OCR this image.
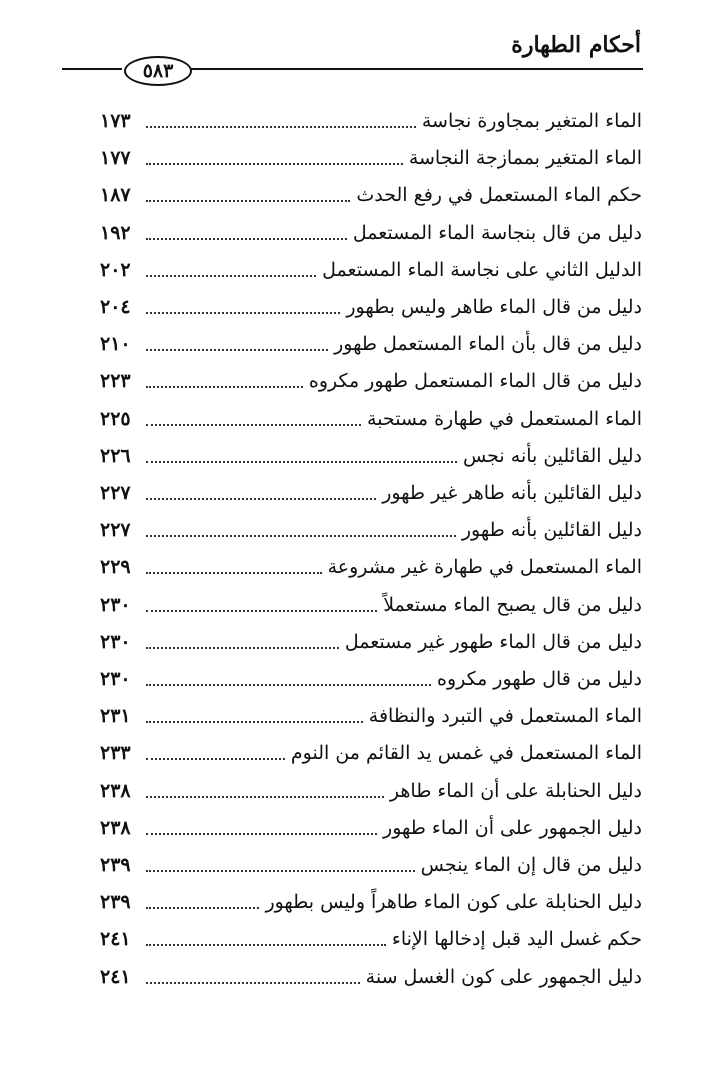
أحكام الطهارة
٥٨٣
الماء المتغير بمجاورة نجاسة
١٧٣
الماء المتغير بممازجة النجاسة
١٧٧
حكم الماء المستعمل في رفع الحدث
١٨٧
دليل من قال بنجاسة الماء المستعمل
١٩٢
الدليل الثاني على نجاسة الماء المستعمل
٢٠٢
دليل من قال الماء طاهر وليس بطهور
٢٠٤
دليل من قال بأن الماء المستعمل طهور
٢١٠
دليل من قال الماء المستعمل طهور مكروه
٢٢٣
الماء المستعمل في طهارة مستحبة
٢٢٥
دليل القائلين بأنه نجس
٢٢٦
دليل القائلين بأنه طاهر غير طهور
٢٢٧
دليل القائلين بأنه طهور
٢٢٧
الماء المستعمل في طهارة غير مشروعة
٢٢٩
دليل من قال يصبح الماء مستعملاً
٢٣٠
دليل من قال الماء طهور غير مستعمل
٢٣٠
دليل من قال طهور مكروه
٢٣٠
الماء المستعمل في التبرد والنظافة
٢٣١
الماء المستعمل في غمس يد القائم من النوم
٢٣٣
دليل الحنابلة على أن الماء طاهر
٢٣٨
دليل الجمهور على أن الماء طهور
٢٣٨
دليل من قال إن الماء ينجس
٢٣٩
دليل الحنابلة على كون الماء طاهراً وليس بطهور
٢٣٩
حكم غسل اليد قبل إدخالها الإناء
٢٤١
دليل الجمهور على كون الغسل سنة
٢٤١
